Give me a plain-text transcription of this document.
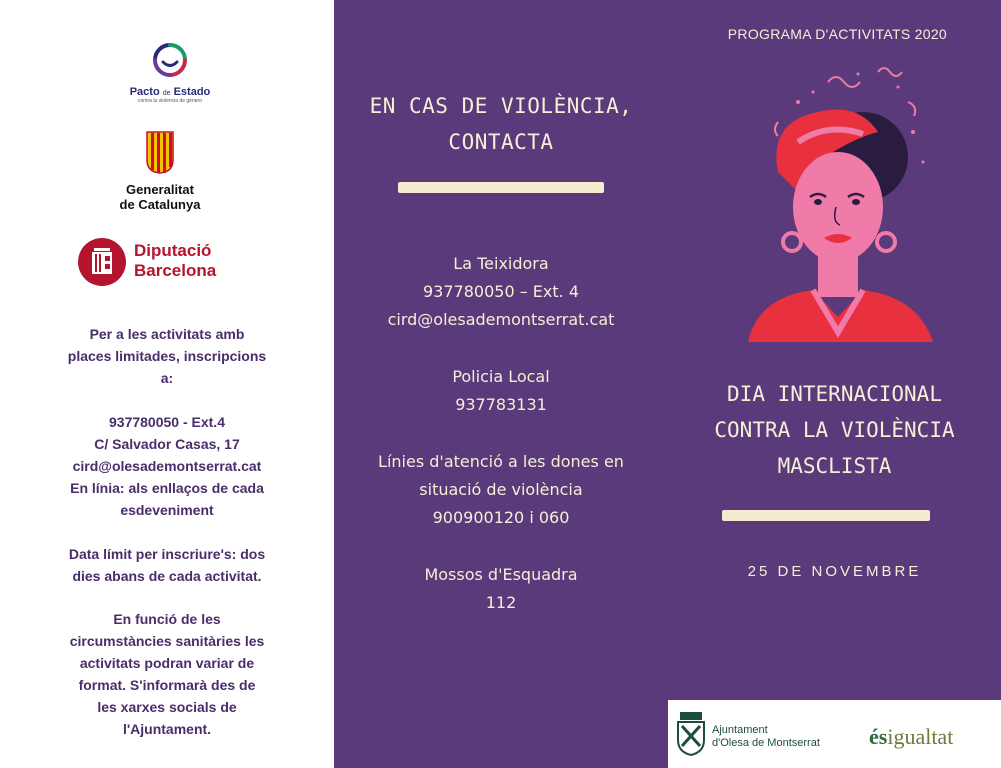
Pacto de Estado
contra la violencia de género
Generalitat
de Catalunya
Diputació
Barcelona
Per a les activitats amb
places limitades, inscripcions
a:
937780050 - Ext.4
C/ Salvador Casas, 17
cird@olesademontserrat.cat
En línia: als enllaços de cada
esdeveniment
Data límit per inscriure's: dos
dies abans de cada activitat.
En funció de les
circumstàncies sanitàries les
activitats podran variar de
format. S'informarà des de
les xarxes socials de
l'Ajuntament.
EN CAS DE VIOLÈNCIA,
CONTACTA
La Teixidora
937780050 – Ext. 4
cird@olesademontserrat.cat
Policia Local
937783131
Línies d'atenció a les dones en
situació de violència
900900120 i 060
Mossos d'Esquadra
112
PROGRAMA D'ACTIVITATS 2020
DIA INTERNACIONAL
CONTRA LA VIOLÈNCIA
MASCLISTA
25 DE NOVEMBRE
Ajuntament
d'Olesa de Montserrat ésigualtat
